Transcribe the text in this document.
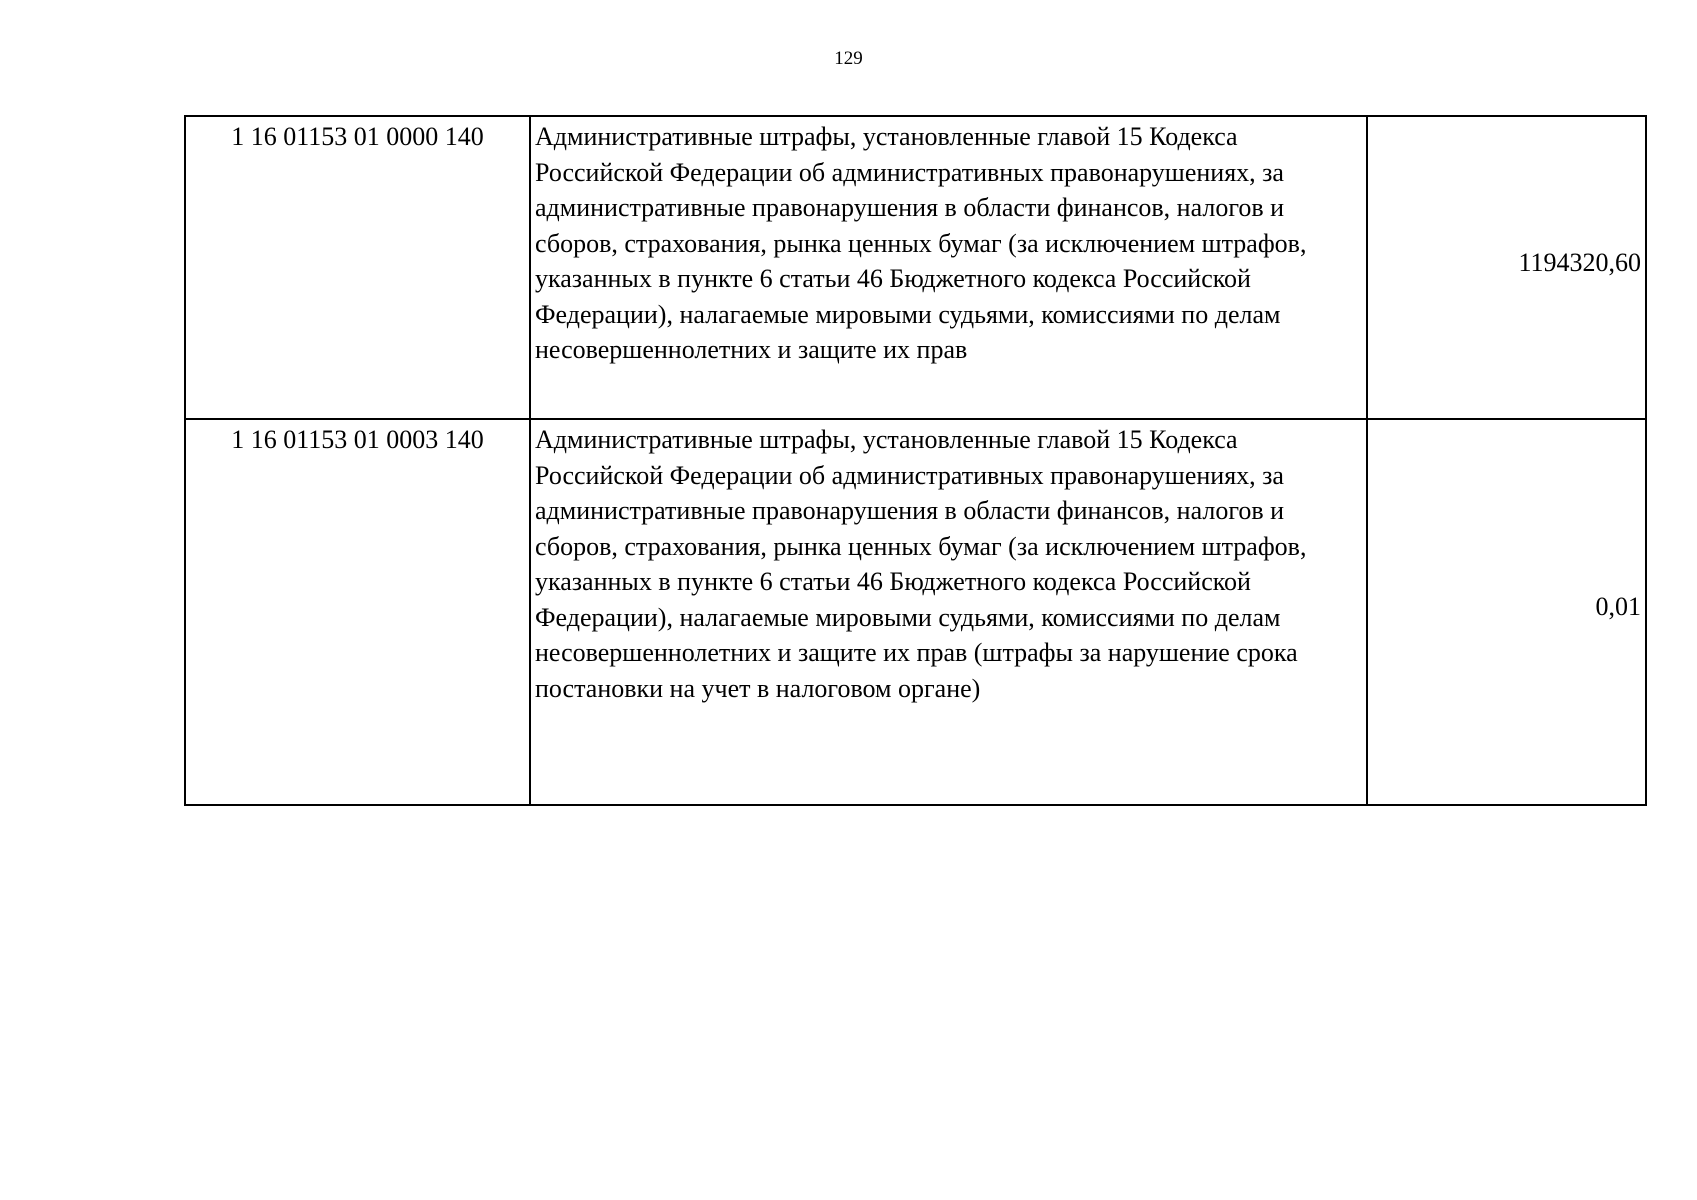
129
1 16 01153 01 0000 140	Административные штрафы, установленные главой 15 Кодекса Российской Федерации об административных правонарушениях, за административные правонарушения в области финансов, налогов и сборов, страхования, рынка ценных бумаг (за исключением штрафов, указанных в пункте 6 статьи 46 Бюджетного кодекса Российской Федерации), налагаемые мировыми судьями, комиссиями по делам несовершеннолетних и защите их прав	1194320,60
1 16 01153 01 0003 140	Административные штрафы, установленные главой 15 Кодекса Российской Федерации об административных правонарушениях, за административные правонарушения в области финансов, налогов и сборов, страхования, рынка ценных бумаг (за исключением штрафов, указанных в пункте 6 статьи 46 Бюджетного кодекса Российской Федерации), налагаемые мировыми судьями, комиссиями по делам несовершеннолетних и защите их прав (штрафы за нарушение срока постановки на учет в налоговом органе)	0,01
